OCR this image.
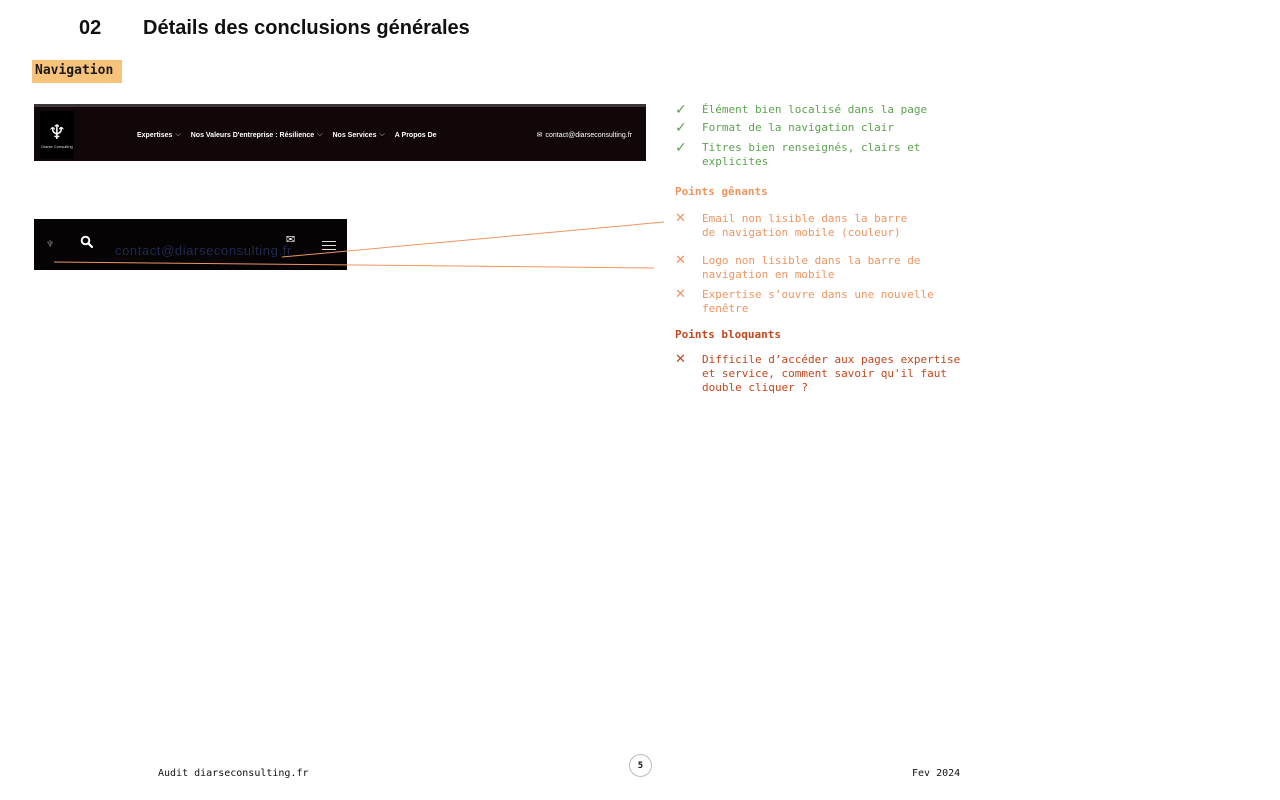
02 Détails des conclusions générales
Navigation
♆
Diarse Consulting
Expertises ⌵ Nos Valeurs D'entreprise : Résilience ⌵ Nos Services ⌵ A Propos De	✉ contact@diarseconsulting.fr
♆	✉
contact@diarseconsulting.fr
✓	Élément bien localisé dans la page
✓	Format de la navigation clair
✓	Titres bien renseignés, clairs et explicites
Points gênants
✕	Email non lisible dans la barre de navigation mobile (couleur)
✕	Logo non lisible dans la barre de navigation en mobile
✕	Expertise s’ouvre dans une nouvelle fenêtre
Points bloquants
✕	Difficile d’accéder aux pages expertise et service, comment savoir qu'il faut double cliquer ?
Audit diarseconsulting.fr
5
Fev 2024
